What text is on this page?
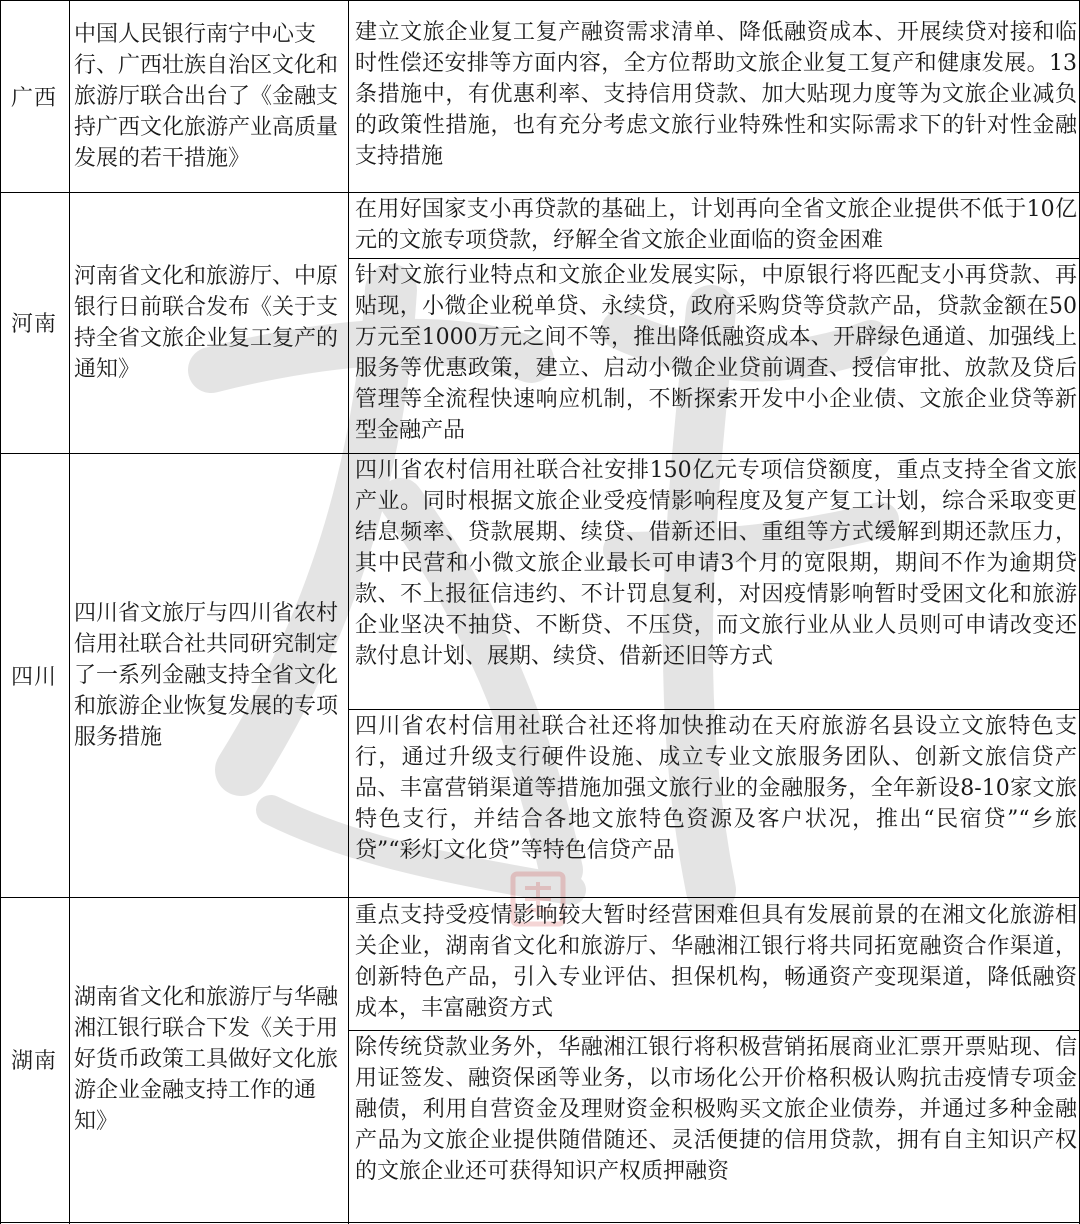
广西
中国人民银行南宁中心支行、广西壮族自治区文化和旅游厅联合出台了《金融支持广西文化旅游产业高质量发展的若干措施》
建立文旅企业复工复产融资需求清单、降低融资成本、开展续贷对接和临时性偿还安排等方面内容，全方位帮助文旅企业复工复产和健康发展。13条措施中，有优惠利率、支持信用贷款、加大贴现力度等为文旅企业减负的政策性措施，也有充分考虑文旅行业特殊性和实际需求下的针对性金融支持措施
河南
河南省文化和旅游厅、中原银行日前联合发布《关于支持全省文旅企业复工复产的通知》
在用好国家支小再贷款的基础上，计划再向全省文旅企业提供不低于10亿元的文旅专项贷款，纾解全省文旅企业面临的资金困难
针对文旅行业特点和文旅企业发展实际，中原银行将匹配支小再贷款、再贴现，小微企业税单贷、永续贷，政府采购贷等贷款产品，贷款金额在50万元至1000万元之间不等，推出降低融资成本、开辟绿色通道、加强线上服务等优惠政策，建立、启动小微企业贷前调查、授信审批、放款及贷后管理等全流程快速响应机制，不断探索开发中小企业债、文旅企业贷等新型金融产品
四川
四川省文旅厅与四川省农村信用社联合社共同研究制定了一系列金融支持全省文化和旅游企业恢复发展的专项服务措施
四川省农村信用社联合社安排150亿元专项信贷额度，重点支持全省文旅产业。同时根据文旅企业受疫情影响程度及复产复工计划，综合采取变更结息频率、贷款展期、续贷、借新还旧、重组等方式缓解到期还款压力，其中民营和小微文旅企业最长可申请3个月的宽限期，期间不作为逾期贷款、不上报征信违约、不计罚息复利，对因疫情影响暂时受困文化和旅游企业坚决不抽贷、不断贷、不压贷，而文旅行业从业人员则可申请改变还款付息计划、展期、续贷、借新还旧等方式
四川省农村信用社联合社还将加快推动在天府旅游名县设立文旅特色支行，通过升级支行硬件设施、成立专业文旅服务团队、创新文旅信贷产品、丰富营销渠道等措施加强文旅行业的金融服务，全年新设8-10家文旅特色支行，并结合各地文旅特色资源及客户状况，推出“民宿贷”“乡旅贷”“彩灯文化贷”等特色信贷产品
湖南
湖南省文化和旅游厅与华融湘江银行联合下发《关于用好货币政策工具做好文化旅游企业金融支持工作的通知》
重点支持受疫情影响较大暂时经营困难但具有发展前景的在湘文化旅游相关企业，湖南省文化和旅游厅、华融湘江银行将共同拓宽融资合作渠道，创新特色产品，引入专业评估、担保机构，畅通资产变现渠道，降低融资成本，丰富融资方式
除传统贷款业务外，华融湘江银行将积极营销拓展商业汇票开票贴现、信用证签发、融资保函等业务，以市场化公开价格积极认购抗击疫情专项金融债，利用自营资金及理财资金积极购买文旅企业债券，并通过多种金融产品为文旅企业提供随借随还、灵活便捷的信用贷款，拥有自主知识产权的文旅企业还可获得知识产权质押融资
